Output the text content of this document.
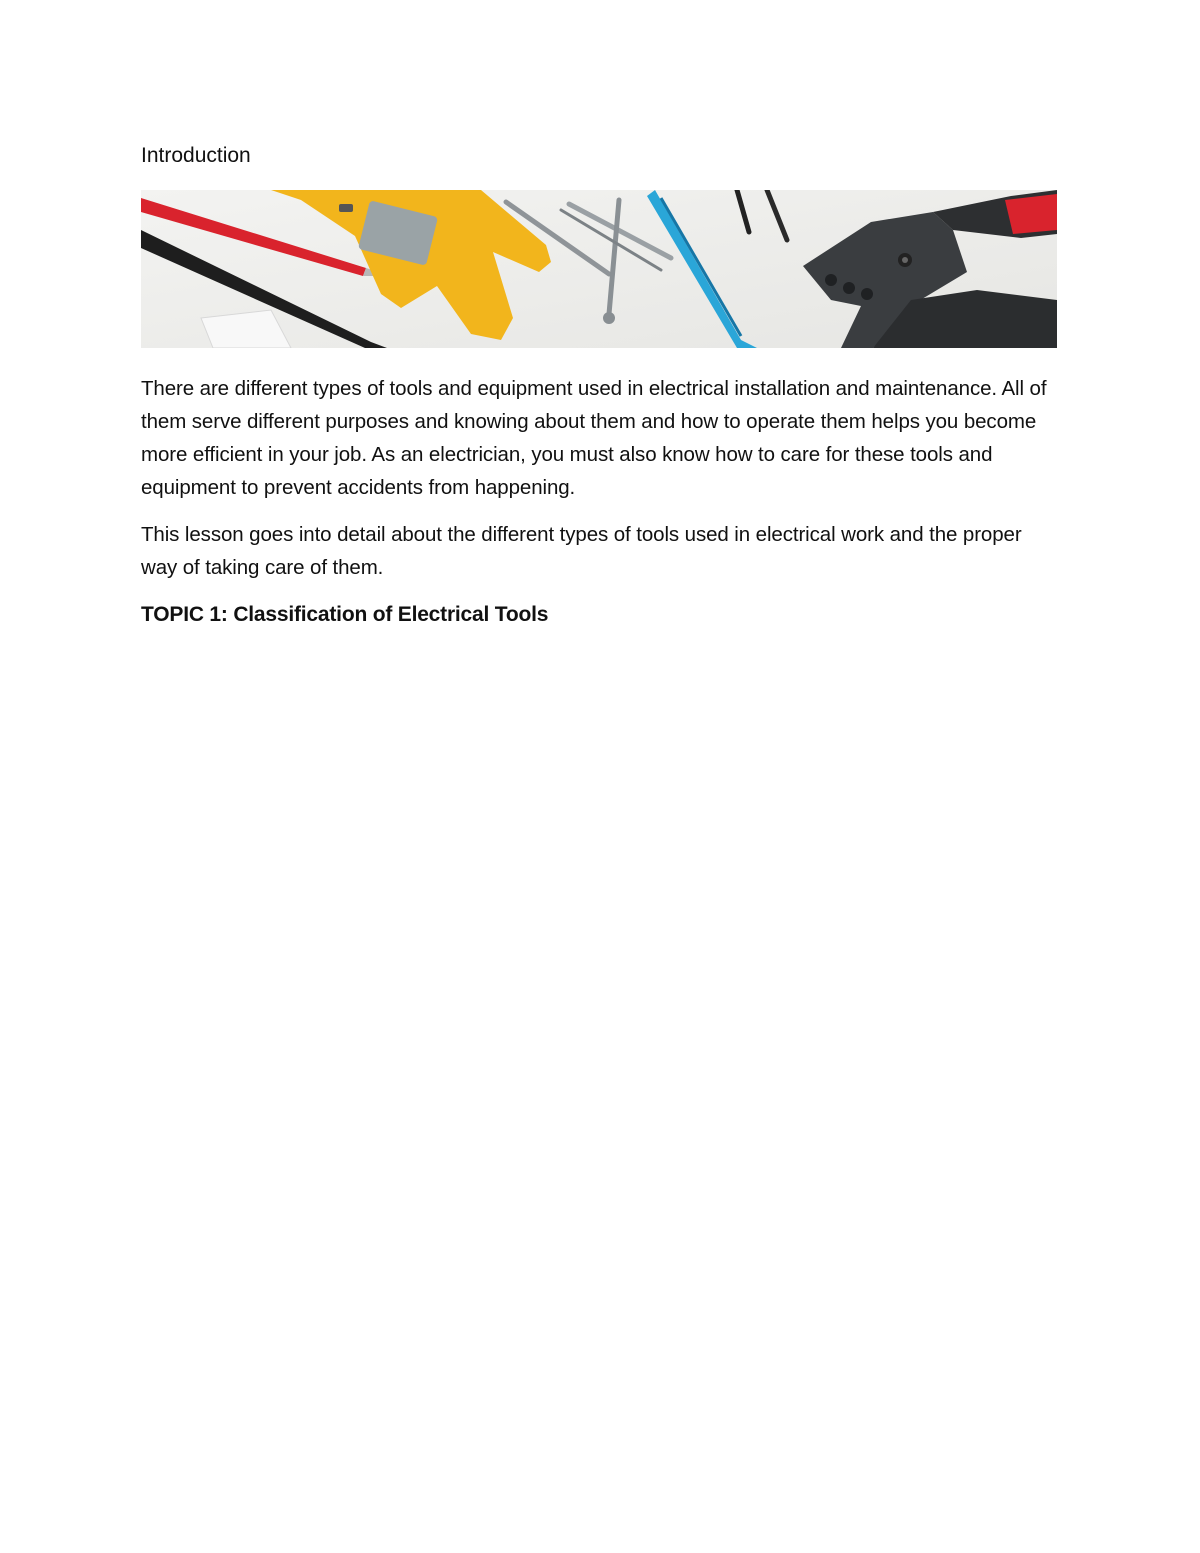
Introduction

There are different types of tools and equipment used in electrical installation and maintenance. All of them serve different purposes and knowing about them and how to operate them helps you become more efficient in your job. As an electrician, you must also know how to care for these tools and equipment to prevent accidents from happening.

This lesson goes into detail about the different types of tools used in electrical work and the proper way of taking care of them.

TOPIC 1: Classification of Electrical Tools
